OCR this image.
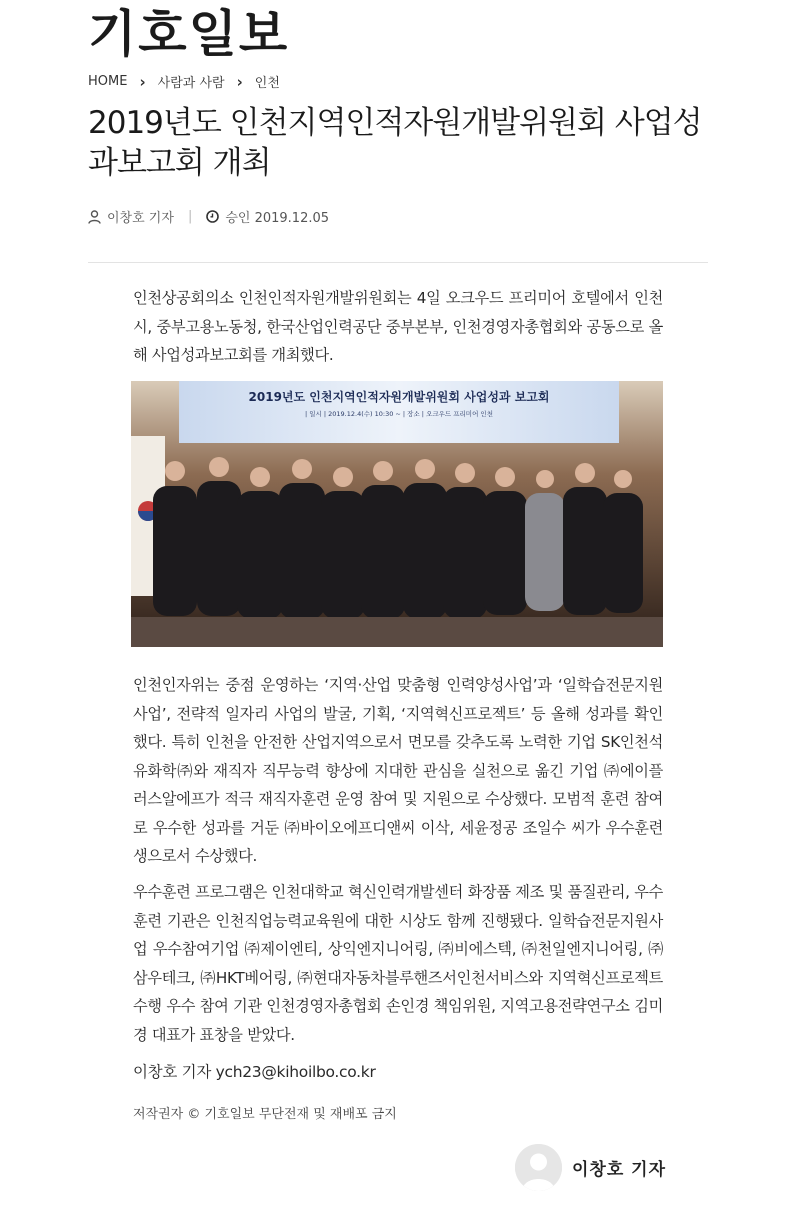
기호일보
HOME › 사람과 사람 › 인천
2019년도 인천지역인적자원개발위원회 사업성과보고회 개최
이창호 기자 |	승인 2019.12.05

인천상공회의소 인천인적자원개발위원회는 4일 오크우드 프리미어 호텔에서 인천시, 중부고용노동청, 한국산업인력공단 중부본부, 인천경영자총협회와 공동으로 올해 사업성과보고회를 개최했다.

2019년도 인천지역인적자원개발위원회 사업성과 보고회
| 일시 | 2019.12.4(수) 10:30 ~ | 장소 | 오크우드 프리미어 인천

인천인자위는 중점 운영하는 ‘지역·산업 맞춤형 인력양성사업’과 ‘일학습전문지원사업’, 전략적 일자리 사업의 발굴, 기획, ‘지역혁신프로젝트’ 등 올해 성과를 확인했다. 특히 인천을 안전한 산업지역으로서 면모를 갖추도록 노력한 기업 SK인천석유화학㈜와 재직자 직무능력 향상에 지대한 관심을 실천으로 옮긴 기업 ㈜에이플러스알에프가 적극 재직자훈련 운영 참여 및 지원으로 수상했다. 모범적 훈련 참여로 우수한 성과를 거둔 ㈜바이오에프디앤씨 이삭, 세윤정공 조일수 씨가 우수훈련생으로서 수상했다.

우수훈련 프로그램은 인천대학교 혁신인력개발센터 화장품 제조 및 품질관리, 우수훈련 기관은 인천직업능력교육원에 대한 시상도 함께 진행됐다. 일학습전문지원사업 우수참여기업 ㈜제이엔티, 상익엔지니어링, ㈜비에스텍, ㈜천일엔지니어링, ㈜삼우테크, ㈜HKT베어링, ㈜현대자동차블루핸즈서인천서비스와 지역혁신프로젝트 수행 우수 참여 기관 인천경영자총협회 손인경 책임위원, 지역고용전략연구소 김미경 대표가 표창을 받았다.

이창호 기자 ych23@kihoilbo.co.kr
저작권자 © 기호일보 무단전재 및 재배포 금지
이창호 기자
